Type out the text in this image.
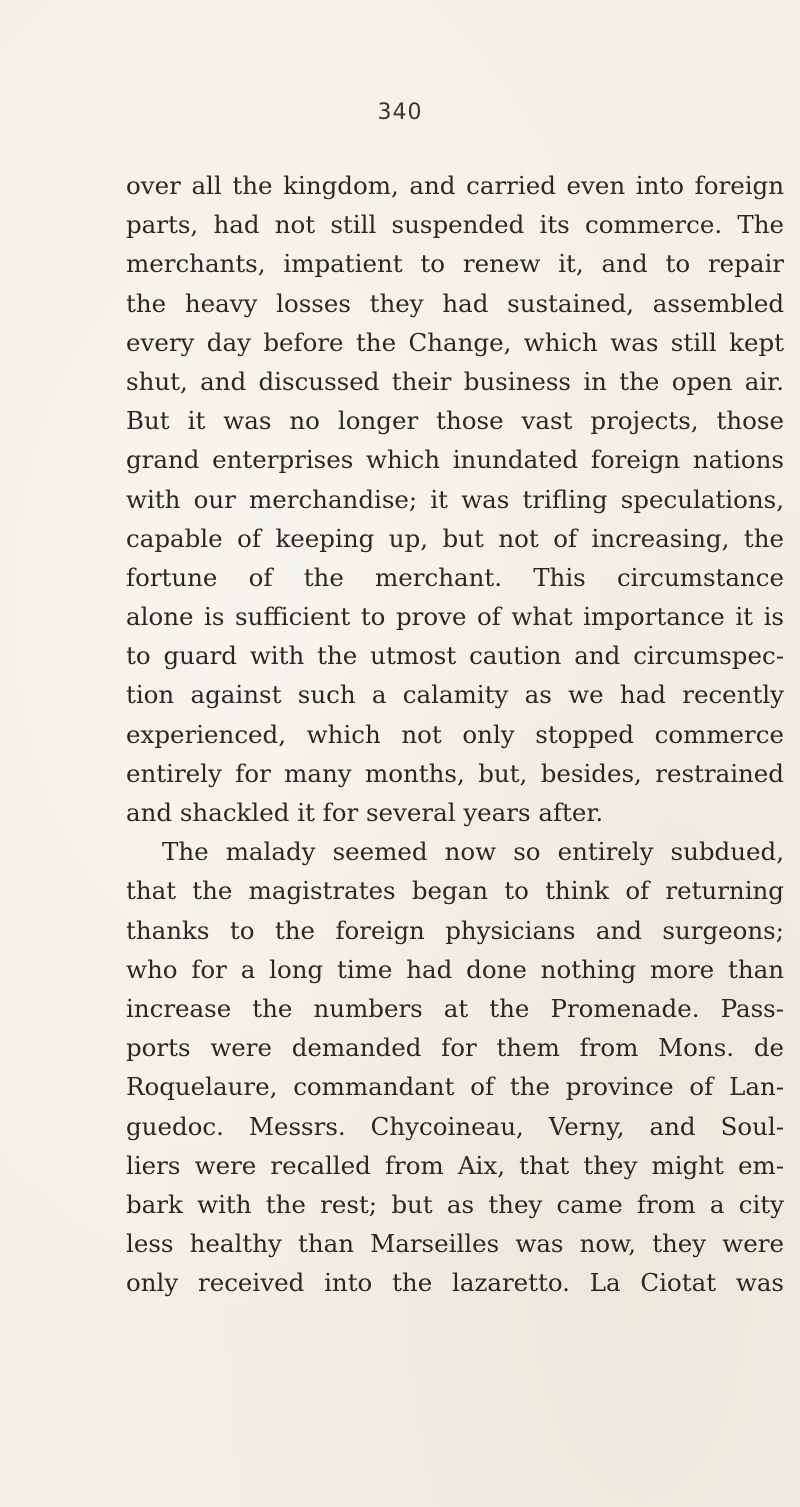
340
over all the kingdom, and carried even into foreign
parts, had not still suspended its commerce. The
merchants, impatient to renew it, and to repair
the heavy losses they had sustained, assembled
every day before the Change, which was still kept
shut, and discussed their business in the open air.
But it was no longer those vast projects, those
grand enterprises which inundated foreign nations
with our merchandise; it was trifling speculations,
capable of keeping up, but not of increasing, the
fortune of the merchant. This circumstance
alone is sufficient to prove of what importance it is
to guard with the utmost caution and circumspec-
tion against such a calamity as we had recently
experienced, which not only stopped commerce
entirely for many months, but, besides, restrained
and shackled it for several years after.
The malady seemed now so entirely subdued,
that the magistrates began to think of returning
thanks to the foreign physicians and surgeons;
who for a long time had done nothing more than
increase the numbers at the Promenade. Pass-
ports were demanded for them from Mons. de
Roquelaure, commandant of the province of Lan-
guedoc. Messrs. Chycoineau, Verny, and Soul-
liers were recalled from Aix, that they might em-
bark with the rest; but as they came from a city
less healthy than Marseilles was now, they were
only received into the lazaretto. La Ciotat was
